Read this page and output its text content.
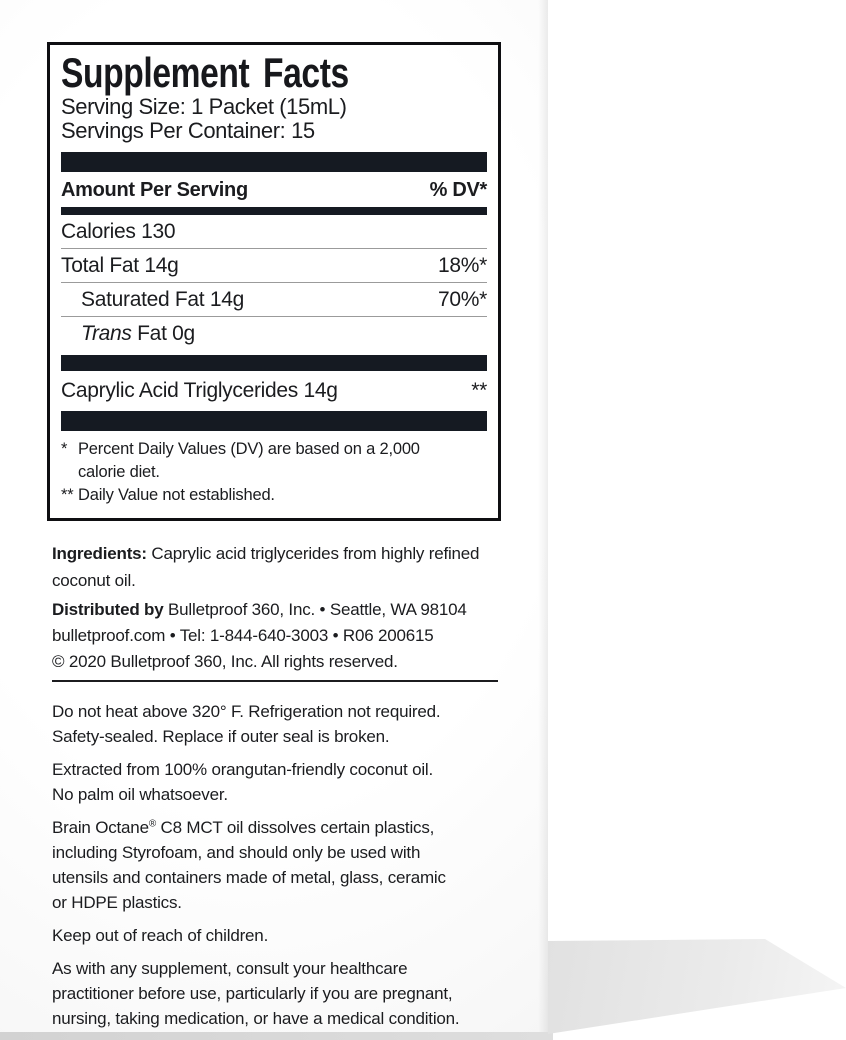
Supplement Facts
Serving Size: 1 Packet (15mL)
Servings Per Container: 15
Amount Per Serving	% DV*
Calories 130
Total Fat 14g	18%*
Saturated Fat 14g	70%*
Trans Fat 0g
Caprylic Acid Triglycerides 14g	**
* Percent Daily Values (DV) are based on a 2,000
calorie diet.
** Daily Value not established.
Ingredients: Caprylic acid triglycerides from highly refined
coconut oil.
Distributed by Bulletproof 360, Inc. • Seattle, WA 98104
bulletproof.com • Tel: 1-844-640-3003 • R06 200615
© 2020 Bulletproof 360, Inc. All rights reserved.
Do not heat above 320° F. Refrigeration not required.
Safety-sealed. Replace if outer seal is broken.
Extracted from 100% orangutan-friendly coconut oil.
No palm oil whatsoever.
Brain Octane® C8 MCT oil dissolves certain plastics,
including Styrofoam, and should only be used with
utensils and containers made of metal, glass, ceramic
or HDPE plastics.
Keep out of reach of children.
As with any supplement, consult your healthcare
practitioner before use, particularly if you are pregnant,
nursing, taking medication, or have a medical condition.
